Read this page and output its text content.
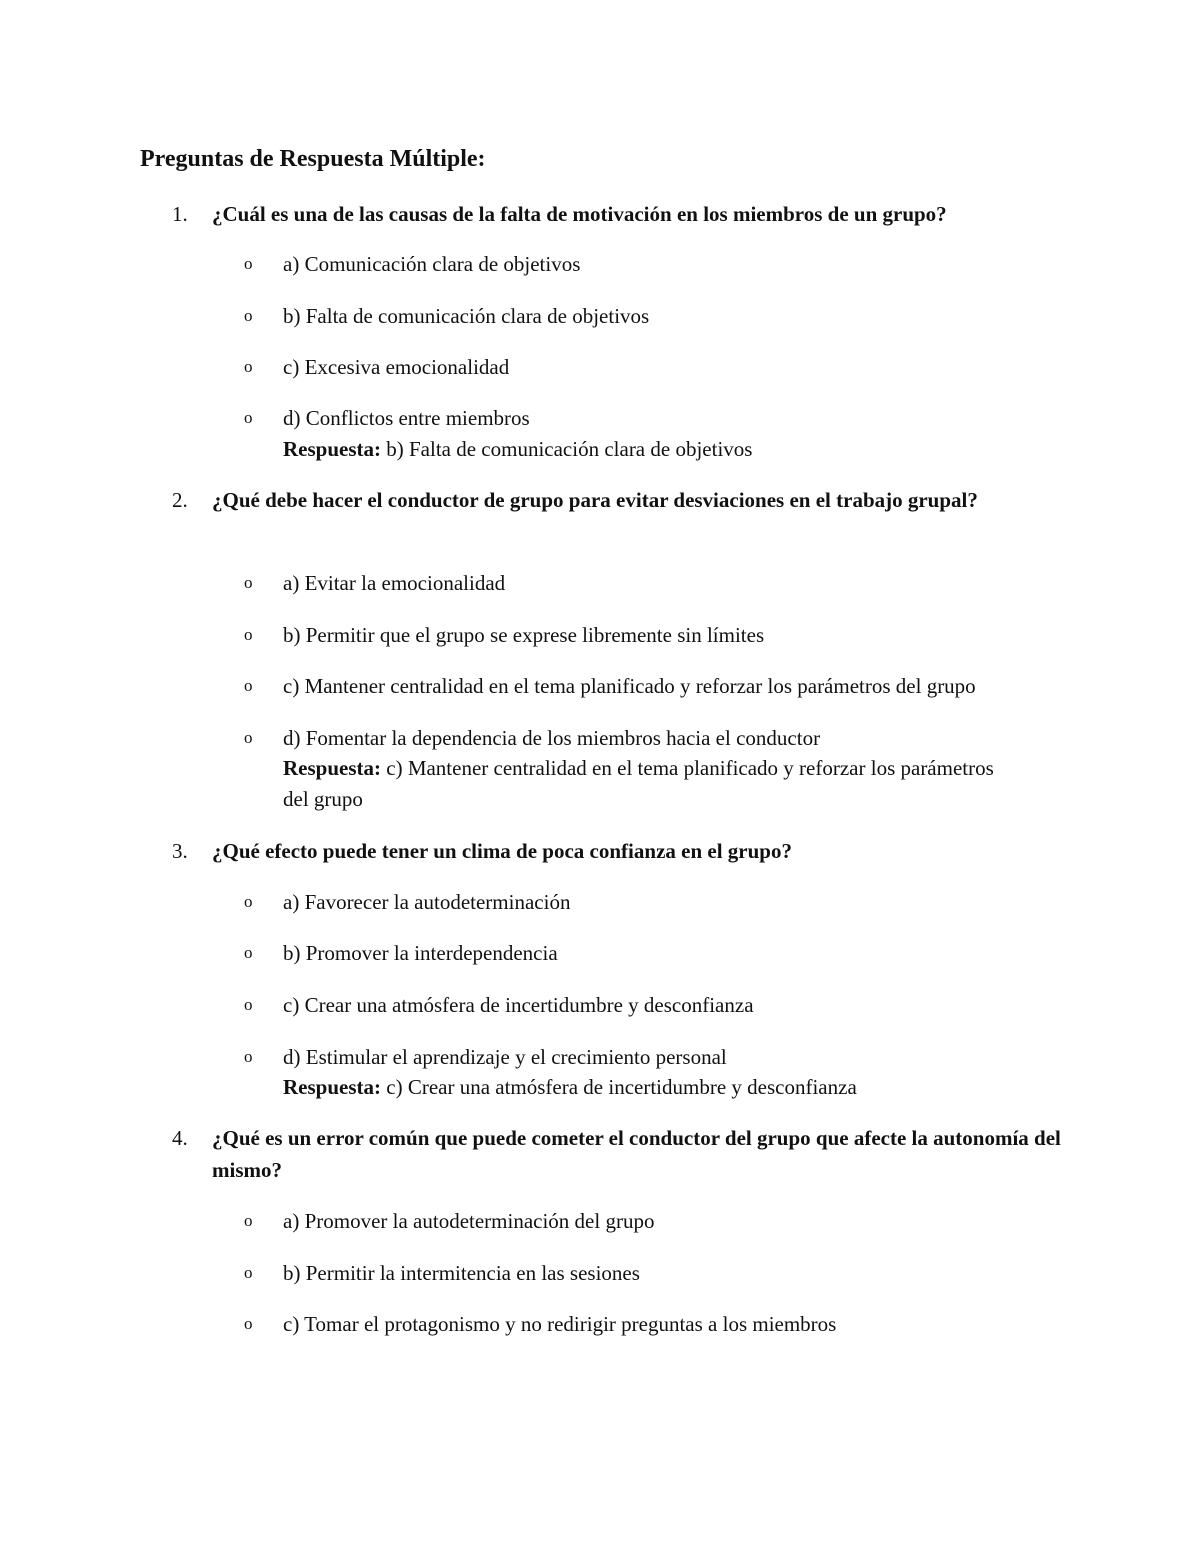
Preguntas de Respuesta Múltiple:
1. ¿Cuál es una de las causas de la falta de motivación en los miembros de un grupo?
o a) Comunicación clara de objetivos
o b) Falta de comunicación clara de objetivos
o c) Excesiva emocionalidad
o d) Conflictos entre miembros
Respuesta: b) Falta de comunicación clara de objetivos
2. ¿Qué debe hacer el conductor de grupo para evitar desviaciones en el trabajo grupal?
o a) Evitar la emocionalidad
o b) Permitir que el grupo se exprese libremente sin límites
o c) Mantener centralidad en el tema planificado y reforzar los parámetros del grupo
o d) Fomentar la dependencia de los miembros hacia el conductor
Respuesta: c) Mantener centralidad en el tema planificado y reforzar los parámetros del grupo
3. ¿Qué efecto puede tener un clima de poca confianza en el grupo?
o a) Favorecer la autodeterminación
o b) Promover la interdependencia
o c) Crear una atmósfera de incertidumbre y desconfianza
o d) Estimular el aprendizaje y el crecimiento personal
Respuesta: c) Crear una atmósfera de incertidumbre y desconfianza
4. ¿Qué es un error común que puede cometer el conductor del grupo que afecte la autonomía del mismo?
o a) Promover la autodeterminación del grupo
o b) Permitir la intermitencia en las sesiones
o c) Tomar el protagonismo y no redirigir preguntas a los miembros
